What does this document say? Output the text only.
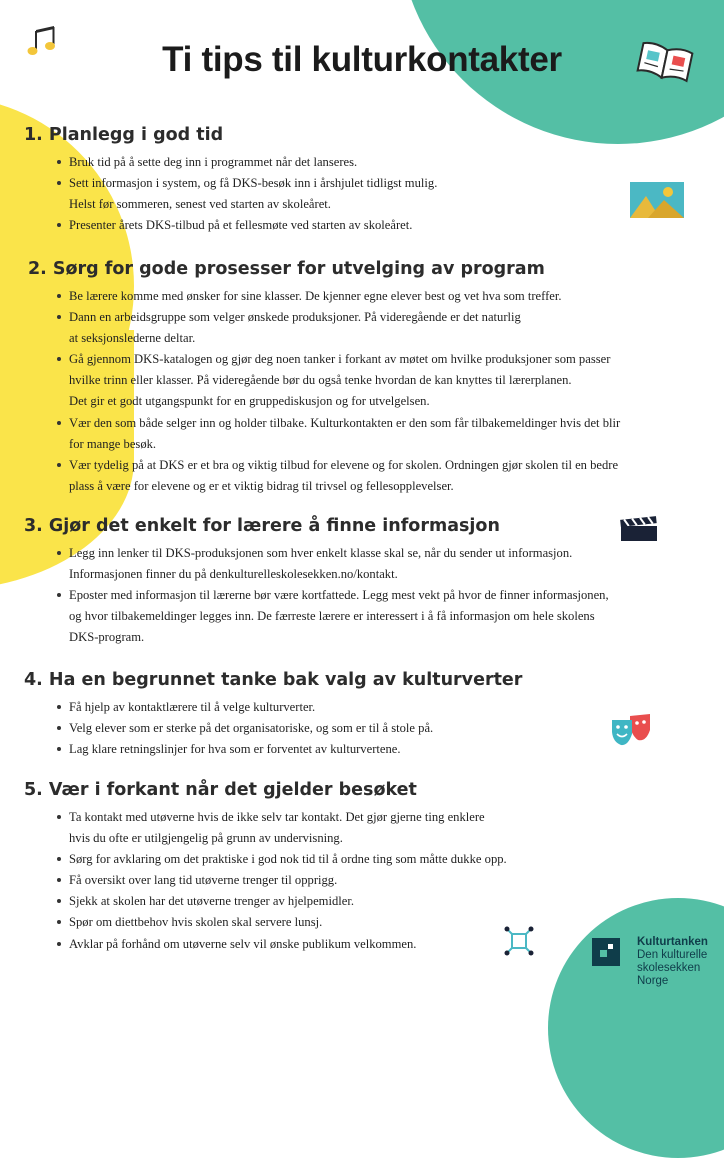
Kulturtanken
Den kulturelle
skolesekken
Norge
Ti tips til kulturkontakter
1. Planlegg i god tid
Bruk tid på å sette deg inn i programmet når det lanseres.
Sett informasjon i system, og få DKS-besøk inn i årshjulet tidligst mulig.
Helst før sommeren, senest ved starten av skoleåret.
Presenter årets DKS-tilbud på et fellesmøte ved starten av skoleåret.
2. Sørg for gode prosesser for utvelging av program
Be lærere komme med ønsker for sine klasser. De kjenner egne elever best og vet hva som treffer.
Dann en arbeidsgruppe som velger ønskede produksjoner. På videregående er det naturlig
at seksjonslederne deltar.
Gå gjennom DKS-katalogen og gjør deg noen tanker i forkant av møtet om hvilke produksjoner som passer
hvilke trinn eller klasser. På videregående bør du også tenke hvordan de kan knyttes til lærerplanen.
Det gir et godt utgangspunkt for en gruppediskusjon og for utvelgelsen.
Vær den som både selger inn og holder tilbake. Kulturkontakten er den som får tilbakemeldinger hvis det blir
for mange besøk.
Vær tydelig på at DKS er et bra og viktig tilbud for elevene og for skolen. Ordningen gjør skolen til en bedre
plass å være for elevene og er et viktig bidrag til trivsel og fellesopplevelser.
3. Gjør det enkelt for lærere å finne informasjon
Legg inn lenker til DKS-produksjonen som hver enkelt klasse skal se, når du sender ut informasjon.
Informasjonen finner du på denkulturelleskolesekken.no/kontakt.
Eposter med informasjon til lærerne bør være kortfattede. Legg mest vekt på hvor de finner informasjonen,
og hvor tilbakemeldinger legges inn. De færreste lærere er interessert i å få informasjon om hele skolens
DKS-program.
4. Ha en begrunnet tanke bak valg av kulturverter
Få hjelp av kontaktlærere til å velge kulturverter.
Velg elever som er sterke på det organisatoriske, og som er til å stole på.
Lag klare retningslinjer for hva som er forventet av kulturvertene.
5. Vær i forkant når det gjelder besøket
Ta kontakt med utøverne hvis de ikke selv tar kontakt. Det gjør gjerne ting enklere
hvis du ofte er utilgjengelig på grunn av undervisning.
Sørg for avklaring om det praktiske i god nok tid til å ordne ting som måtte dukke opp.
Få oversikt over lang tid utøverne trenger til opprigg.
Sjekk at skolen har det utøverne trenger av hjelpemidler.
Spør om diettbehov hvis skolen skal servere lunsj.
Avklar på forhånd om utøverne selv vil ønske publikum velkommen.
